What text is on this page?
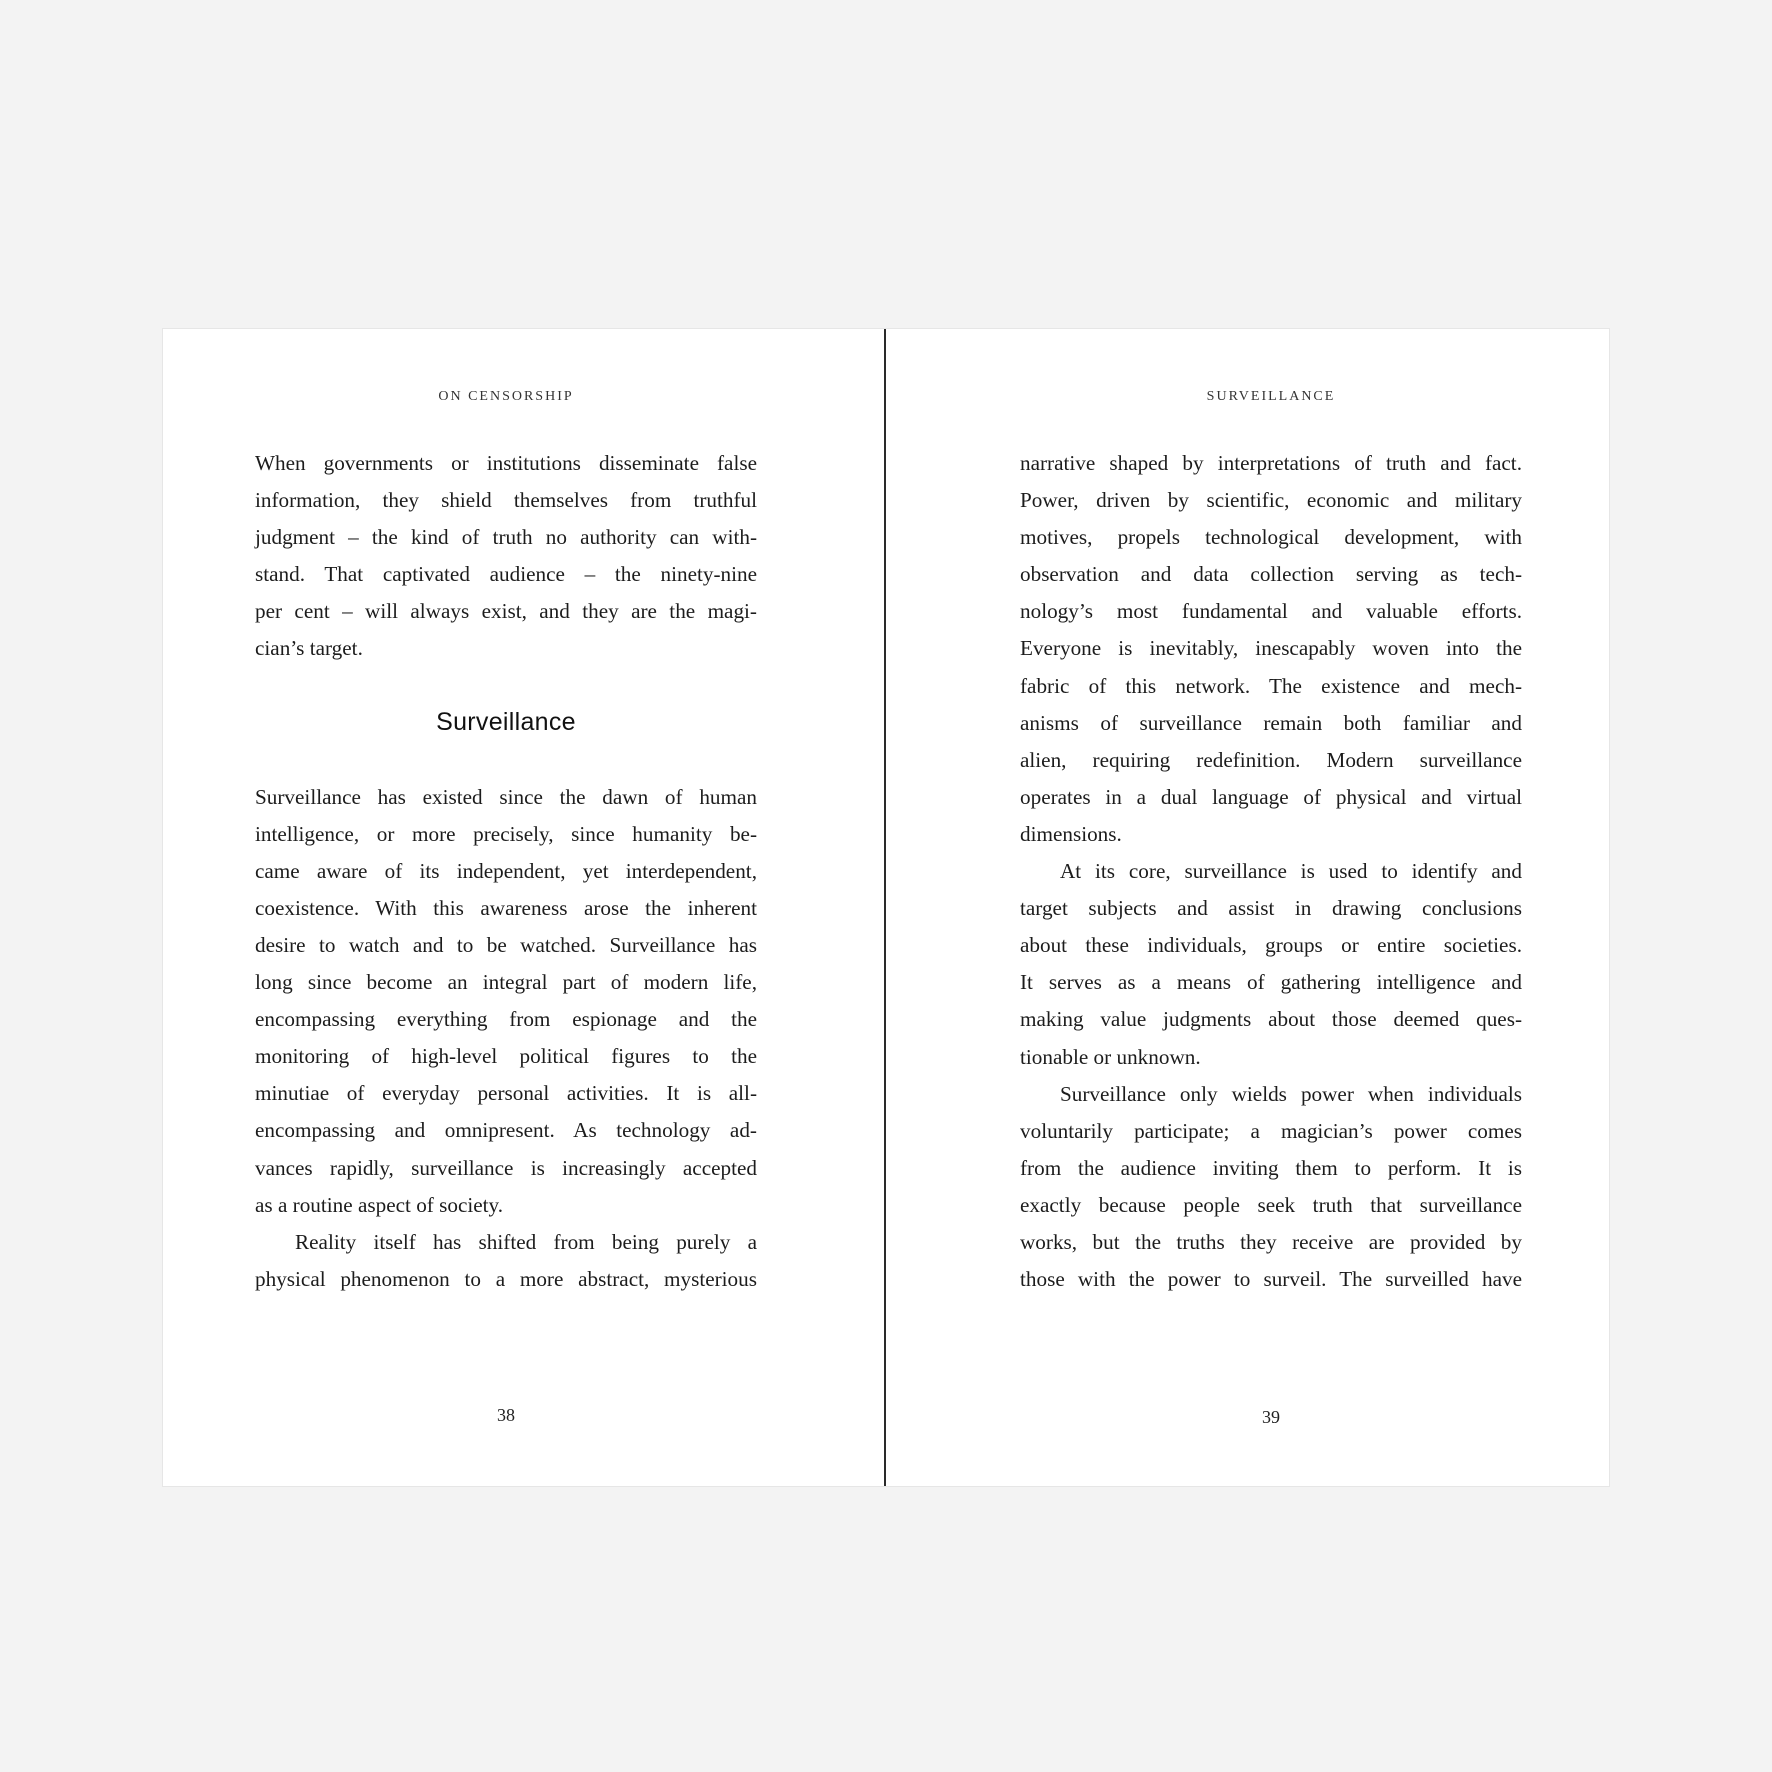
ON CENSORSHIP
When governments or institutions disseminate false
information, they shield themselves from truthful
judgment – the kind of truth no authority can with-
stand. That captivated audience – the ninety-nine
per cent – will always exist, and they are the magi-
cian’s target.
Surveillance
Surveillance has existed since the dawn of human
intelligence, or more precisely, since humanity be-
came aware of its independent, yet interdependent,
coexistence. With this awareness arose the inherent
desire to watch and to be watched. Surveillance has
long since become an integral part of modern life,
encompassing everything from espionage and the
monitoring of high-level political figures to the
minutiae of everyday personal activities. It is all-
encompassing and omnipresent. As technology ad-
vances rapidly, surveillance is increasingly accepted
as a routine aspect of society.
Reality itself has shifted from being purely a
physical phenomenon to a more abstract, mysterious
38
SURVEILLANCE
narrative shaped by interpretations of truth and fact.
Power, driven by scientific, economic and military
motives, propels technological development, with
observation and data collection serving as tech-
nology’s most fundamental and valuable efforts.
Everyone is inevitably, inescapably woven into the
fabric of this network. The existence and mech-
anisms of surveillance remain both familiar and
alien, requiring redefinition. Modern surveillance
operates in a dual language of physical and virtual
dimensions.
At its core, surveillance is used to identify and
target subjects and assist in drawing conclusions
about these individuals, groups or entire societies.
It serves as a means of gathering intelligence and
making value judgments about those deemed ques-
tionable or unknown.
Surveillance only wields power when individuals
voluntarily participate; a magician’s power comes
from the audience inviting them to perform. It is
exactly because people seek truth that surveillance
works, but the truths they receive are provided by
those with the power to surveil. The surveilled have
39
